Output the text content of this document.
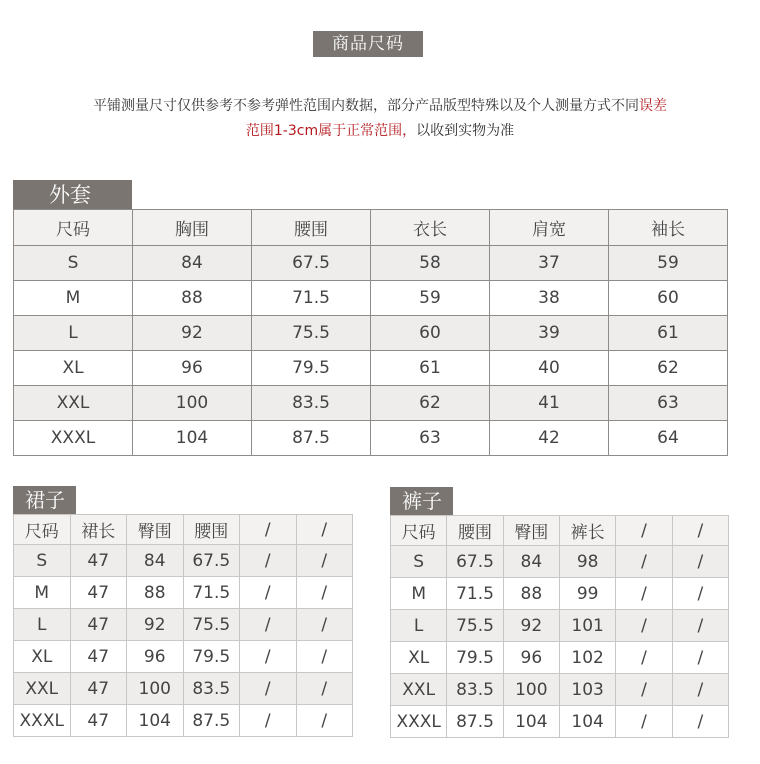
商品尺码
平铺测量尺寸仅供参考不参考弹性范围内数据，部分产品版型特殊以及个人测量方式不同误差
范围1-3cm属于正常范围，以收到实物为准
外套
尺码	胸围	腰围	衣长	肩宽	袖长
S	84	67.5	58	37	59
M	88	71.5	59	38	60
L	92	75.5	60	39	61
XL	96	79.5	61	40	62
XXL	100	83.5	62	41	63
XXXL	104	87.5	63	42	64
裙子
尺码	裙长	臀围	腰围	/	/
S	47	84	67.5	/	/
M	47	88	71.5	/	/
L	47	92	75.5	/	/
XL	47	96	79.5	/	/
XXL	47	100	83.5	/	/
XXXL	47	104	87.5	/	/
裤子
尺码	腰围	臀围	裤长	/	/
S	67.5	84	98	/	/
M	71.5	88	99	/	/
L	75.5	92	101	/	/
XL	79.5	96	102	/	/
XXL	83.5	100	103	/	/
XXXL	87.5	104	104	/	/
